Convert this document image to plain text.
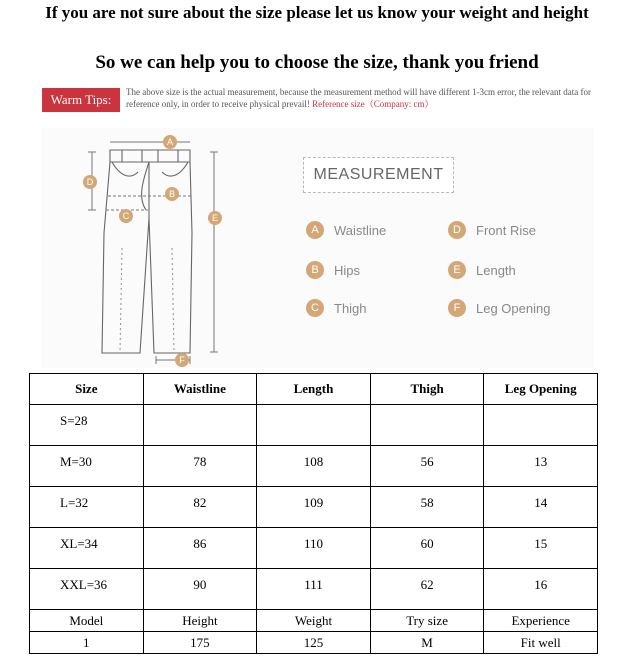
If you are not sure about the size please let us know your weight and height
So we can help you to choose the size, thank you friend
Warm Tips:	The above size is the actual measurement, because the measurement method will have different 1-3cm error, the relevant data for reference only, in order to receive physical prevail! Reference size（Company: cm）
A
B
C
D
E
F
MEASUREMENT
A	Waistline
B	Hips
C	Thigh
D	Front Rise
E	Length
F	Leg Opening
Size	Waistline	Length	Thigh	Leg Opening
S=28				
M=30	78	108	56	13
L=32	82	109	58	14
XL=34	86	110	60	15
XXL=36	90	111	62	16
Model	Height	Weight	Try size	Experience
1	175	125	M	Fit well
